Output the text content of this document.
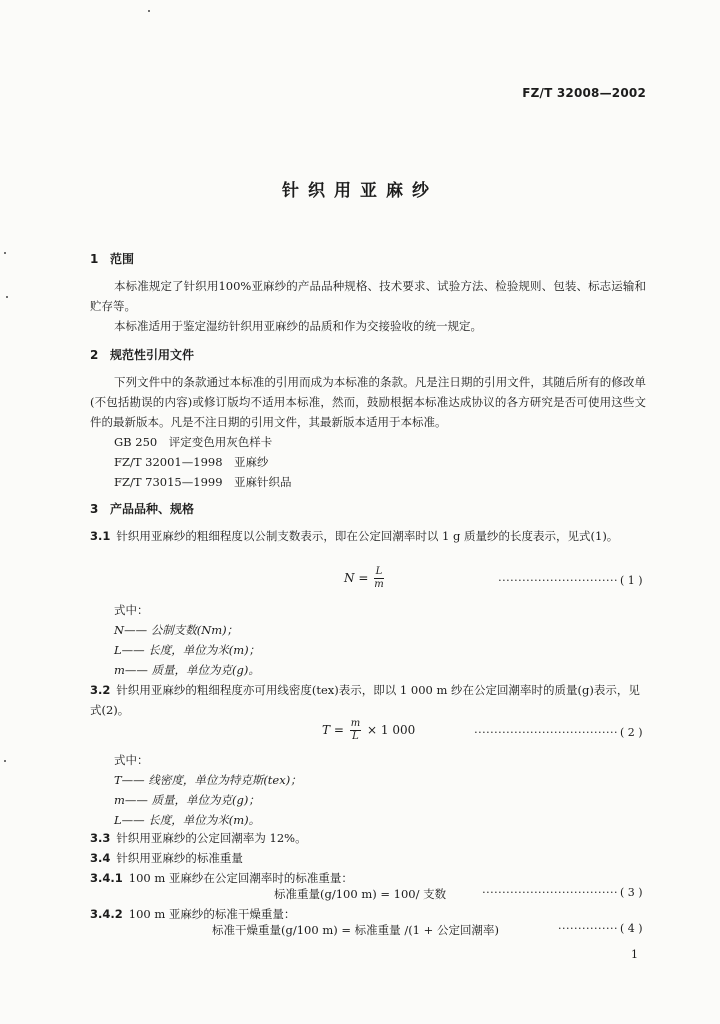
FZ/T 32008—2002
针织用亚麻纱
1 范围
本标准规定了针织用100%亚麻纱的产品品种规格、技术要求、试验方法、检验规则、包装、标志运输和贮存等。
本标准适用于鉴定湿纺针织用亚麻纱的品质和作为交接验收的统一规定。
2 规范性引用文件
下列文件中的条款通过本标准的引用而成为本标准的条款。凡是注日期的引用文件，其随后所有的修改单(不包括勘误的内容)或修订版均不适用本标准，然而，鼓励根据本标准达成协议的各方研究是否可使用这些文件的最新版本。凡是不注日期的引用文件，其最新版本适用于本标准。
GB 250　评定变色用灰色样卡
FZ/T 32001—1998　亚麻纱
FZ/T 73015—1999　亚麻针织品
3 产品品种、规格
3.1 针织用亚麻纱的粗细程度以公制支数表示，即在公定回潮率时以 1 g 质量纱的长度表示，见式(1)。
$N = \frac{L}{m}$	······························ ( 1 )
式中：
N—— 公制支数(Nm)；
L—— 长度，单位为米(m)；
m—— 质量，单位为克(g)。
3.2 针织用亚麻纱的粗细程度亦可用线密度(tex)表示，即以 1 000 m 纱在公定回潮率时的质量(g)表示，见式(2)。
$T = \frac{m}{L} \times 1$ 000	···································· ( 2 )
式中：
T—— 线密度，单位为特克斯(tex)；
m—— 质量，单位为克(g)；
L—— 长度，单位为米(m)。
3.3 针织用亚麻纱的公定回潮率为 12%。
3.4 针织用亚麻纱的标准重量
3.4.1 100 m 亚麻纱在公定回潮率时的标准重量：
标准重量(g/100 m) = 100/ 支数	·································· ( 3 )
3.4.2 100 m 亚麻纱的标准干燥重量：
标准干燥重量(g/100 m) = 标准重量 /(1 + 公定回潮率)	··············· ( 4 )
1
